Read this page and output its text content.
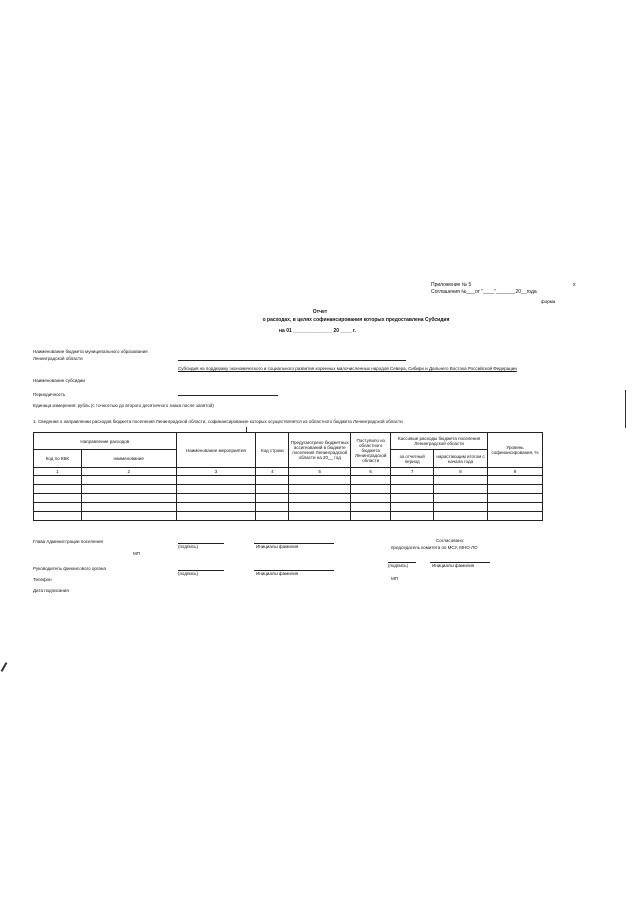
Приложение № 5
Соглашения №___от "____"_______20__года
x
форма
Отчет
о расходах, в целях софинансирования которых предоставлена Субсидия
на 01 ______________ 20 ____ г.
Наименование бюджета муниципального образования
Ленинградской области
Субсидия на поддержку экономического и социального развития коренных малочисленных народов Севера, Сибири и Дальнего Востока Российской Федерации
Наименование субсидии
Периодичность
Единица измерения: рубль (с точностью до второго десятичного знака после запятой)
1. Сведения о направлении расходов бюджета поселения Ленинградской области, софинансирование которых осуществляется из областного бюджета Ленинградской области
Направление расходов		Наименование мероприятия	Код строки	Предусмотрено бюджетных ассигнований в бюджете поселения Ленинградской области на 20__ год	Поступило из областного бюджета Ленинградской области	Кассовые расходы бюджета поселения Ленинградской области		Уровень софинансирования, %
Код по КБК	наименование					за отчетный период	нарастающим итогом с начала года	
1	2	3	4	5	6	7	8	9

Глава Администрации поселения
(подпись)	Инициалы фамилия
МП
Согласовано:
председатель комитета по МСУ, МНО ЛО
Руководитель финансового органа
(подпись)	Инициалы фамилия
(подпись)	Инициалы фамилия
МП
Телефон
Дата подписания
